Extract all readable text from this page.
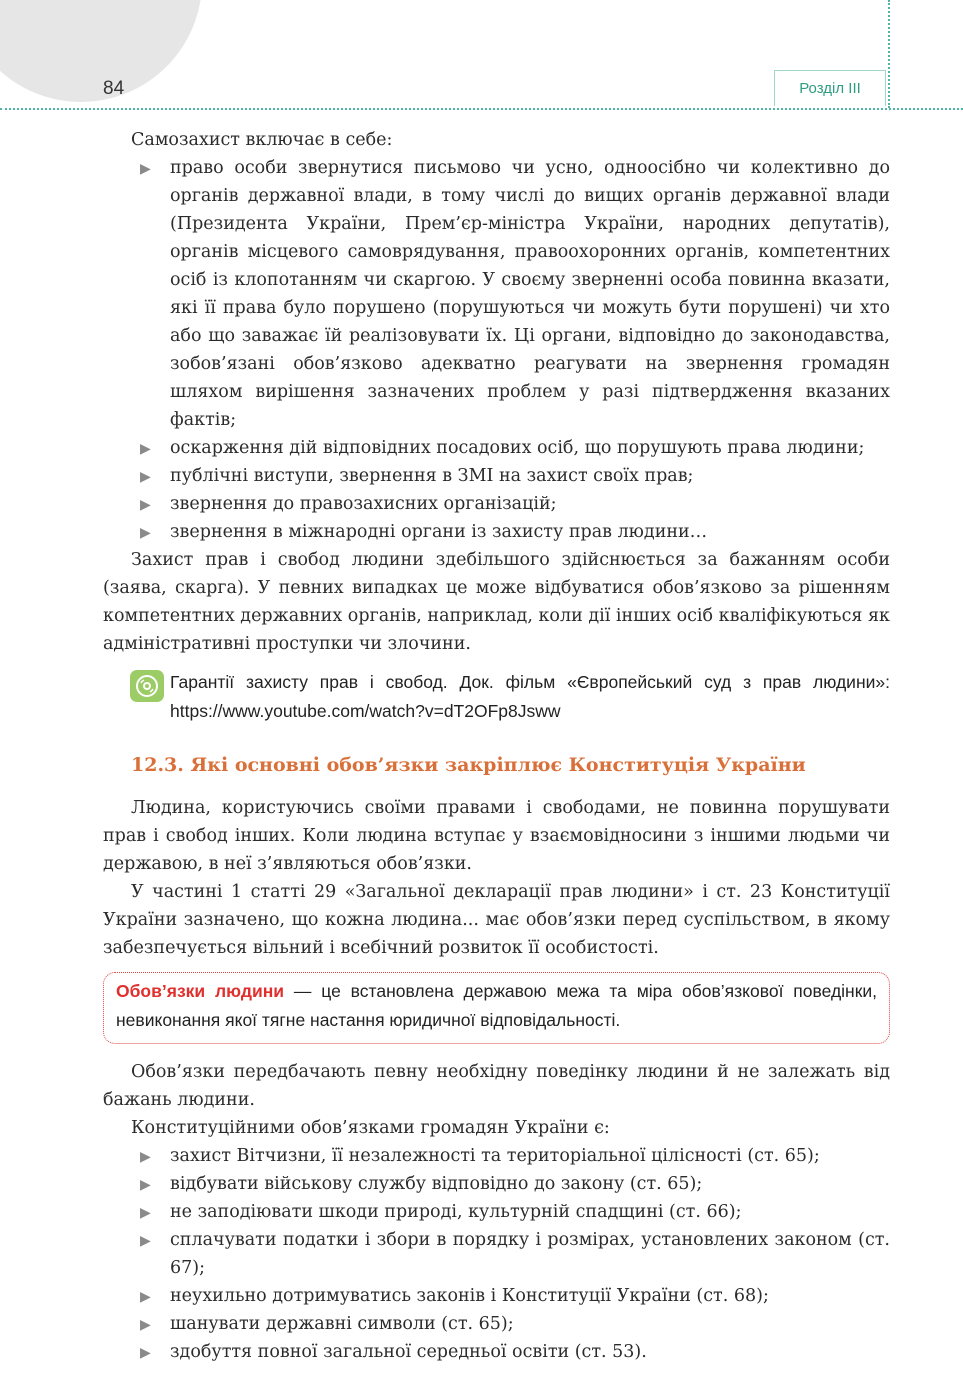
84	Розділ III

Самозахист включає в себе:

▶ право особи звернутися письмово чи усно, одноосібно чи колективно до органів державної влади, в тому числі до вищих органів державної влади (Президента України, Прем’єр-міністра України, народних депутатів), органів місцевого самоврядування, правоохоронних органів, компетентних осіб із клопотанням чи скаргою. У своєму зверненні особа повинна вказати, які її права було порушено (порушуються чи можуть бути порушені) чи хто або що заважає їй реалізовувати їх. Ці органи, відповідно до законодавства, зобов’язані обов’язково адекватно реагувати на звернення громадян шляхом вирішення зазначених проблем у разі підтвердження вказаних фактів;
▶ оскарження дій відповідних посадових осіб, що порушують права людини;
▶ публічні виступи, звернення в ЗМІ на захист своїх прав;
▶ звернення до правозахисних організацій;
▶ звернення в міжнародні органи із захисту прав людини…

Захист прав і свобод людини здебільшого здійснюється за бажанням особи (заява, скарга). У певних випадках це може відбуватися обов’язково за рішенням компетентних державних органів, наприклад, коли дії інших осіб кваліфікуються як адміністративні проступки чи злочини.

Гарантії захисту прав і свобод. Док. фільм «Європейський суд з прав людини»: https://www.youtube.com/watch?v=dT2OFp8Jsww
12.3. Які основні обов’язки закріплює Конституція України

Людина, користуючись своїми правами і свободами, не повинна порушувати прав і свобод інших. Коли людина вступає у взаємовідносини з іншими людьми чи державою, в неї з’являються обов’язки.

У частині 1 статті 29 «Загальної декларації прав людини» і ст. 23 Конституції України зазначено, що кожна людина... має обов’язки перед суспільством, в якому забезпечується вільний і всебічний розвиток її особистості.

Обов’язки людини — це встановлена державою межа та міра обов’язкової поведінки, невиконання якої тягне настання юридичної відповідальності.

Обов’язки передбачають певну необхідну поведінку людини й не залежать від бажань людини.

Конституційними обов’язками громадян України є:

▶ захист Вітчизни, її незалежності та територіальної цілісності (ст. 65);
▶ відбувати військову службу відповідно до закону (ст. 65);
▶ не заподіювати шкоди природі, культурній спадщині (ст. 66);
▶ сплачувати податки і збори в порядку і розмірах, установлених законом (ст. 67);
▶ неухильно дотримуватись законів і Конституції України (ст. 68);
▶ шанувати державні символи (ст. 65);
▶ здобуття повної загальної середньої освіти (ст. 53).
